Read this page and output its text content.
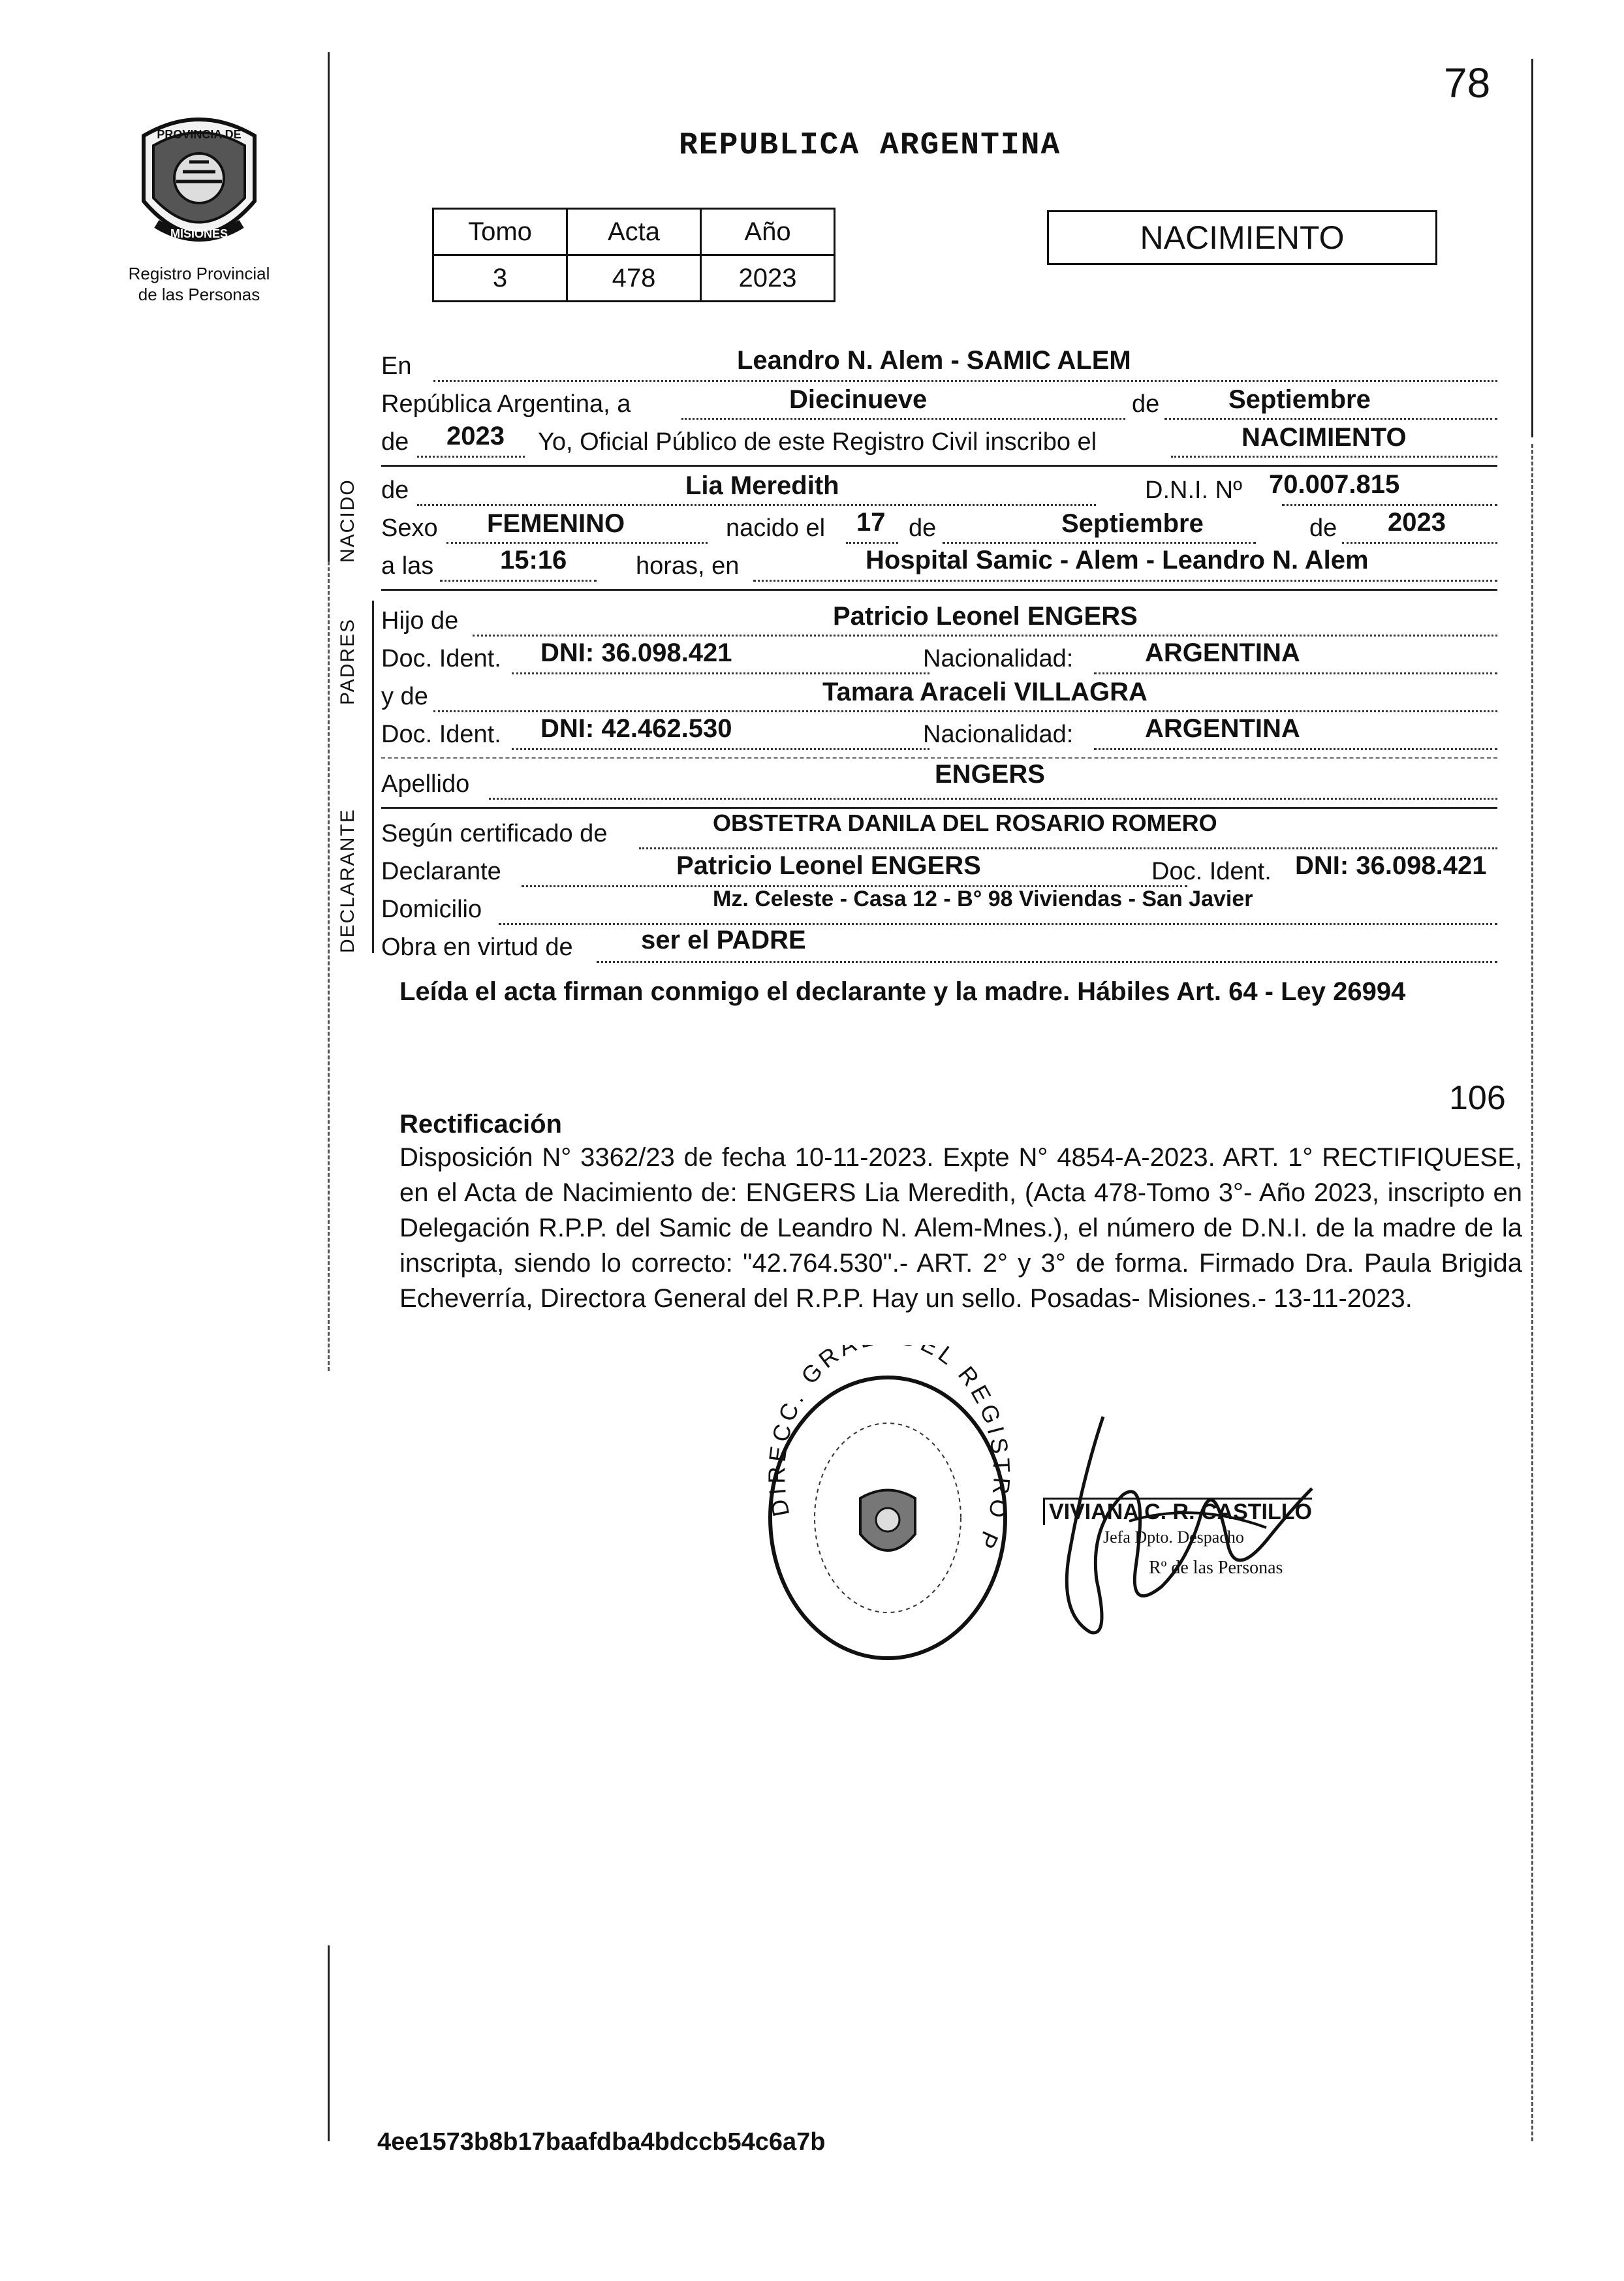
PROVINCIA DE
MISIONES
Registro Provincial
de las Personas
REPUBLICA ARGENTINA
78
Tomo	Acta	Año
3	478	2023
NACIMIENTO
NACIDO
PADRES
DECLARANTE
En	Leandro N. Alem - SAMIC ALEM
República Argentina, a	Diecinueve	de	Septiembre
de 2023 Yo, Oficial Público de este Registro Civil inscribo el	NACIMIENTO
de	Lia Meredith	D.N.I. Nº 70.007.815
Sexo FEMENINO	nacido el 17 de	Septiembre	de 2023
a las	15:16	horas, en	Hospital Samic - Alem - Leandro N. Alem
Hijo de	Patricio Leonel ENGERS
Doc. Ident. DNI: 36.098.421	Nacionalidad:	ARGENTINA
y de	Tamara Araceli VILLAGRA
Doc. Ident. DNI: 42.462.530	Nacionalidad:	ARGENTINA
Apellido	ENGERS
Según certificado de	OBSTETRA DANILA DEL ROSARIO ROMERO
Declarante	Patricio Leonel ENGERS	Doc. Ident. DNI: 36.098.421
Domicilio	Mz. Celeste - Casa 12 - B° 98 Viviendas - San Javier
Obra en virtud de	ser el PADRE
Leída el acta firman conmigo el declarante y la madre. Hábiles Art. 64 - Ley 26994
106
Rectificación
Disposición N° 3362/23 de fecha 10-11-2023. Expte N° 4854-A-2023. ART. 1° RECTIFIQUESE, en el Acta de Nacimiento de: ENGERS Lia Meredith, (Acta 478-Tomo 3°- Año 2023, inscripto en Delegación R.P.P. del Samic de Leandro N. Alem-Mnes.), el número de D.N.I. de la madre de la inscripta, siendo lo correcto: "42.764.530".- ART. 2° y 3° de forma. Firmado Dra. Paula Brigida Echeverría, Directora General del R.P.P. Hay un sello. Posadas- Misiones.- 13-11-2023.
DIRECC. GRA EL REGISTRO P
VIVIANA C. R. CASTILLO
Jefa Dpto. Despacho
Rº de las Personas
4ee1573b8b17baafdba4bdccb54c6a7b
